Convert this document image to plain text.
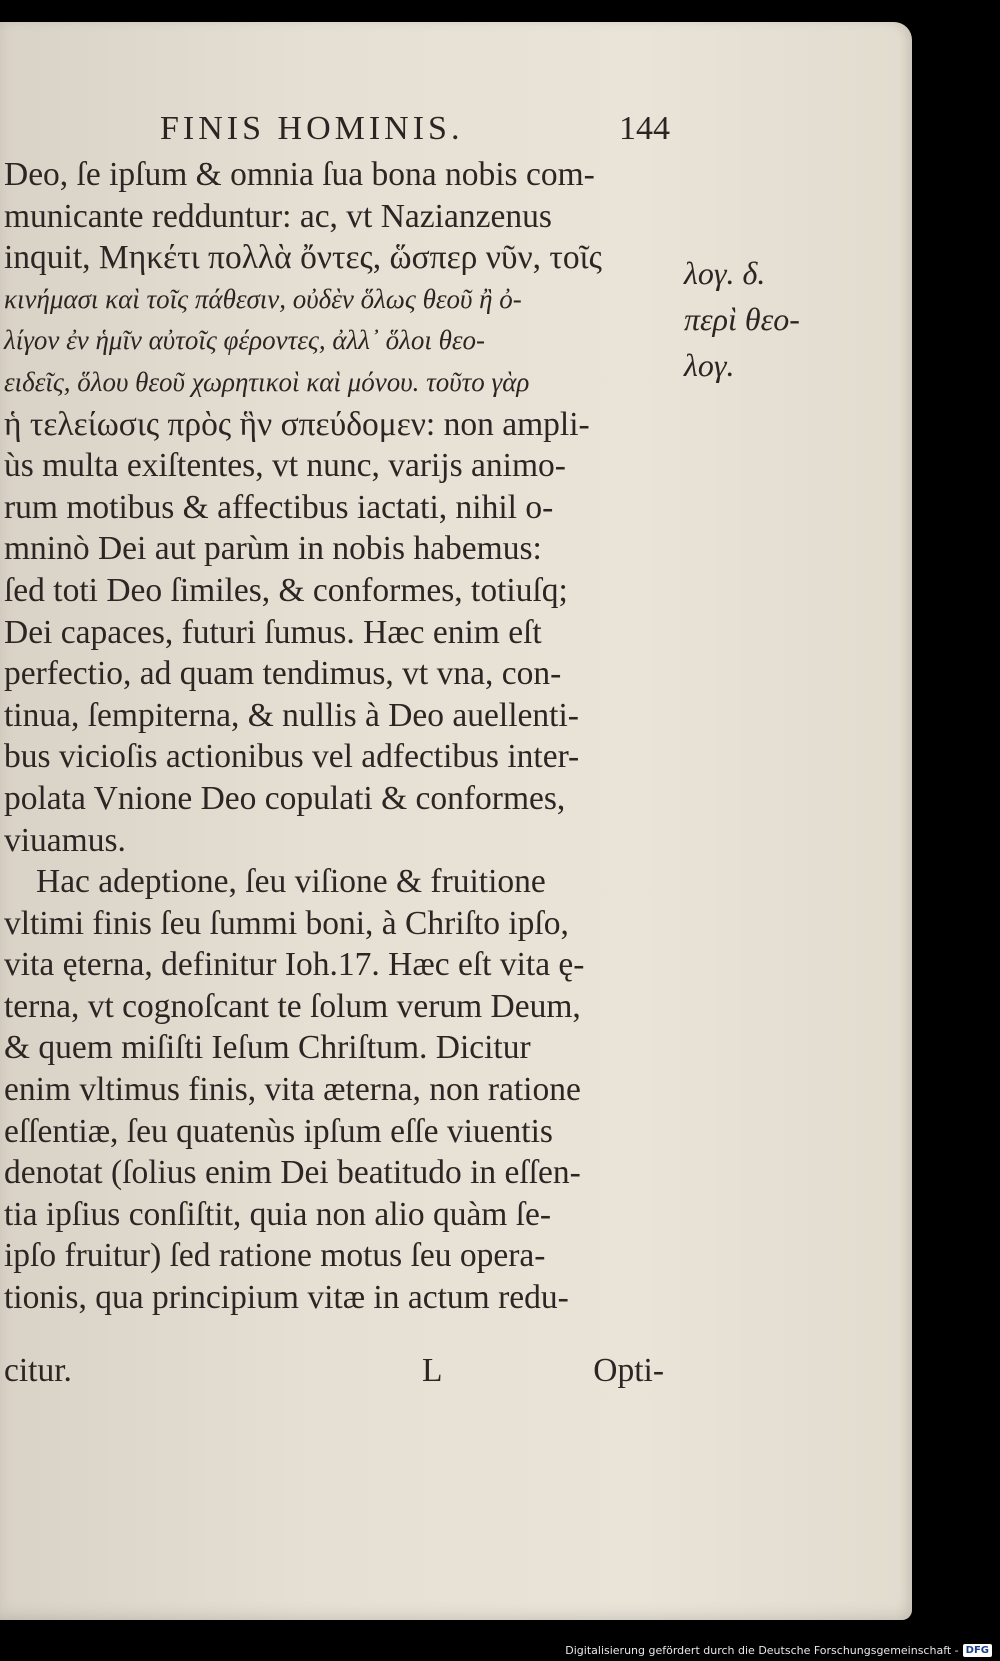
FINIS HOMINIS.	144
Deo, ſe ipſum & omnia ſua bona nobis com-
municante redduntur: ac, vt Nazianzenus
inquit, Μηκέτι πολλὰ ὄντες, ὥσπερ νῦν, τοῖς
κινήμασι καὶ τοῖς πάθεσιν, οὐδὲν ὅλως θεοῦ ἢ ὀ-
λίγον ἐν ἡμῖν αὐτοῖς φέροντες, ἀλλ᾽ ὅλοι θεο-
ειδεῖς, ὅλου θεοῦ χωρητικοὶ καὶ μόνου. τοῦτο γὰρ
ἡ τελείωσις πρὸς ἣν σπεύδομεν: non ampli-
ùs multa exiſtentes, vt nunc, varijs animo-
rum motibus & affectibus iactati, nihil o-
mninò Dei aut parùm in nobis habemus:
ſed toti Deo ſimiles, & conformes, totiuſq;
Dei capaces, futuri ſumus. Hæc enim eſt
perfectio, ad quam tendimus, vt vna, con-
tinua, ſempiterna, & nullis à Deo auellenti-
bus vicioſis actionibus vel adfectibus inter-
polata Vnione Deo copulati & conformes,
viuamus.
Hac adeptione, ſeu viſione & fruitione
vltimi finis ſeu ſummi boni, à Chriſto ipſo,
vita ęterna, definitur Ioh.17. Hæc eſt vita ę-
terna, vt cognoſcant te ſolum verum Deum,
& quem miſiſti Ieſum Chriſtum. Dicitur
enim vltimus finis, vita æterna, non ratione
eſſentiæ, ſeu quatenùs ipſum eſſe viuentis
denotat (ſolius enim Dei beatitudo in eſſen-
tia ipſius conſiſtit, quia non alio quàm ſe-
ipſo fruitur) ſed ratione motus ſeu opera-
tionis, qua principium vitæ in actum redu-
λογ. δ.
περὶ θεο-
λογ.
citur.	L	Opti-
Digitalisierung gefördert durch die Deutsche Forschungsgemeinschaft - DFG
